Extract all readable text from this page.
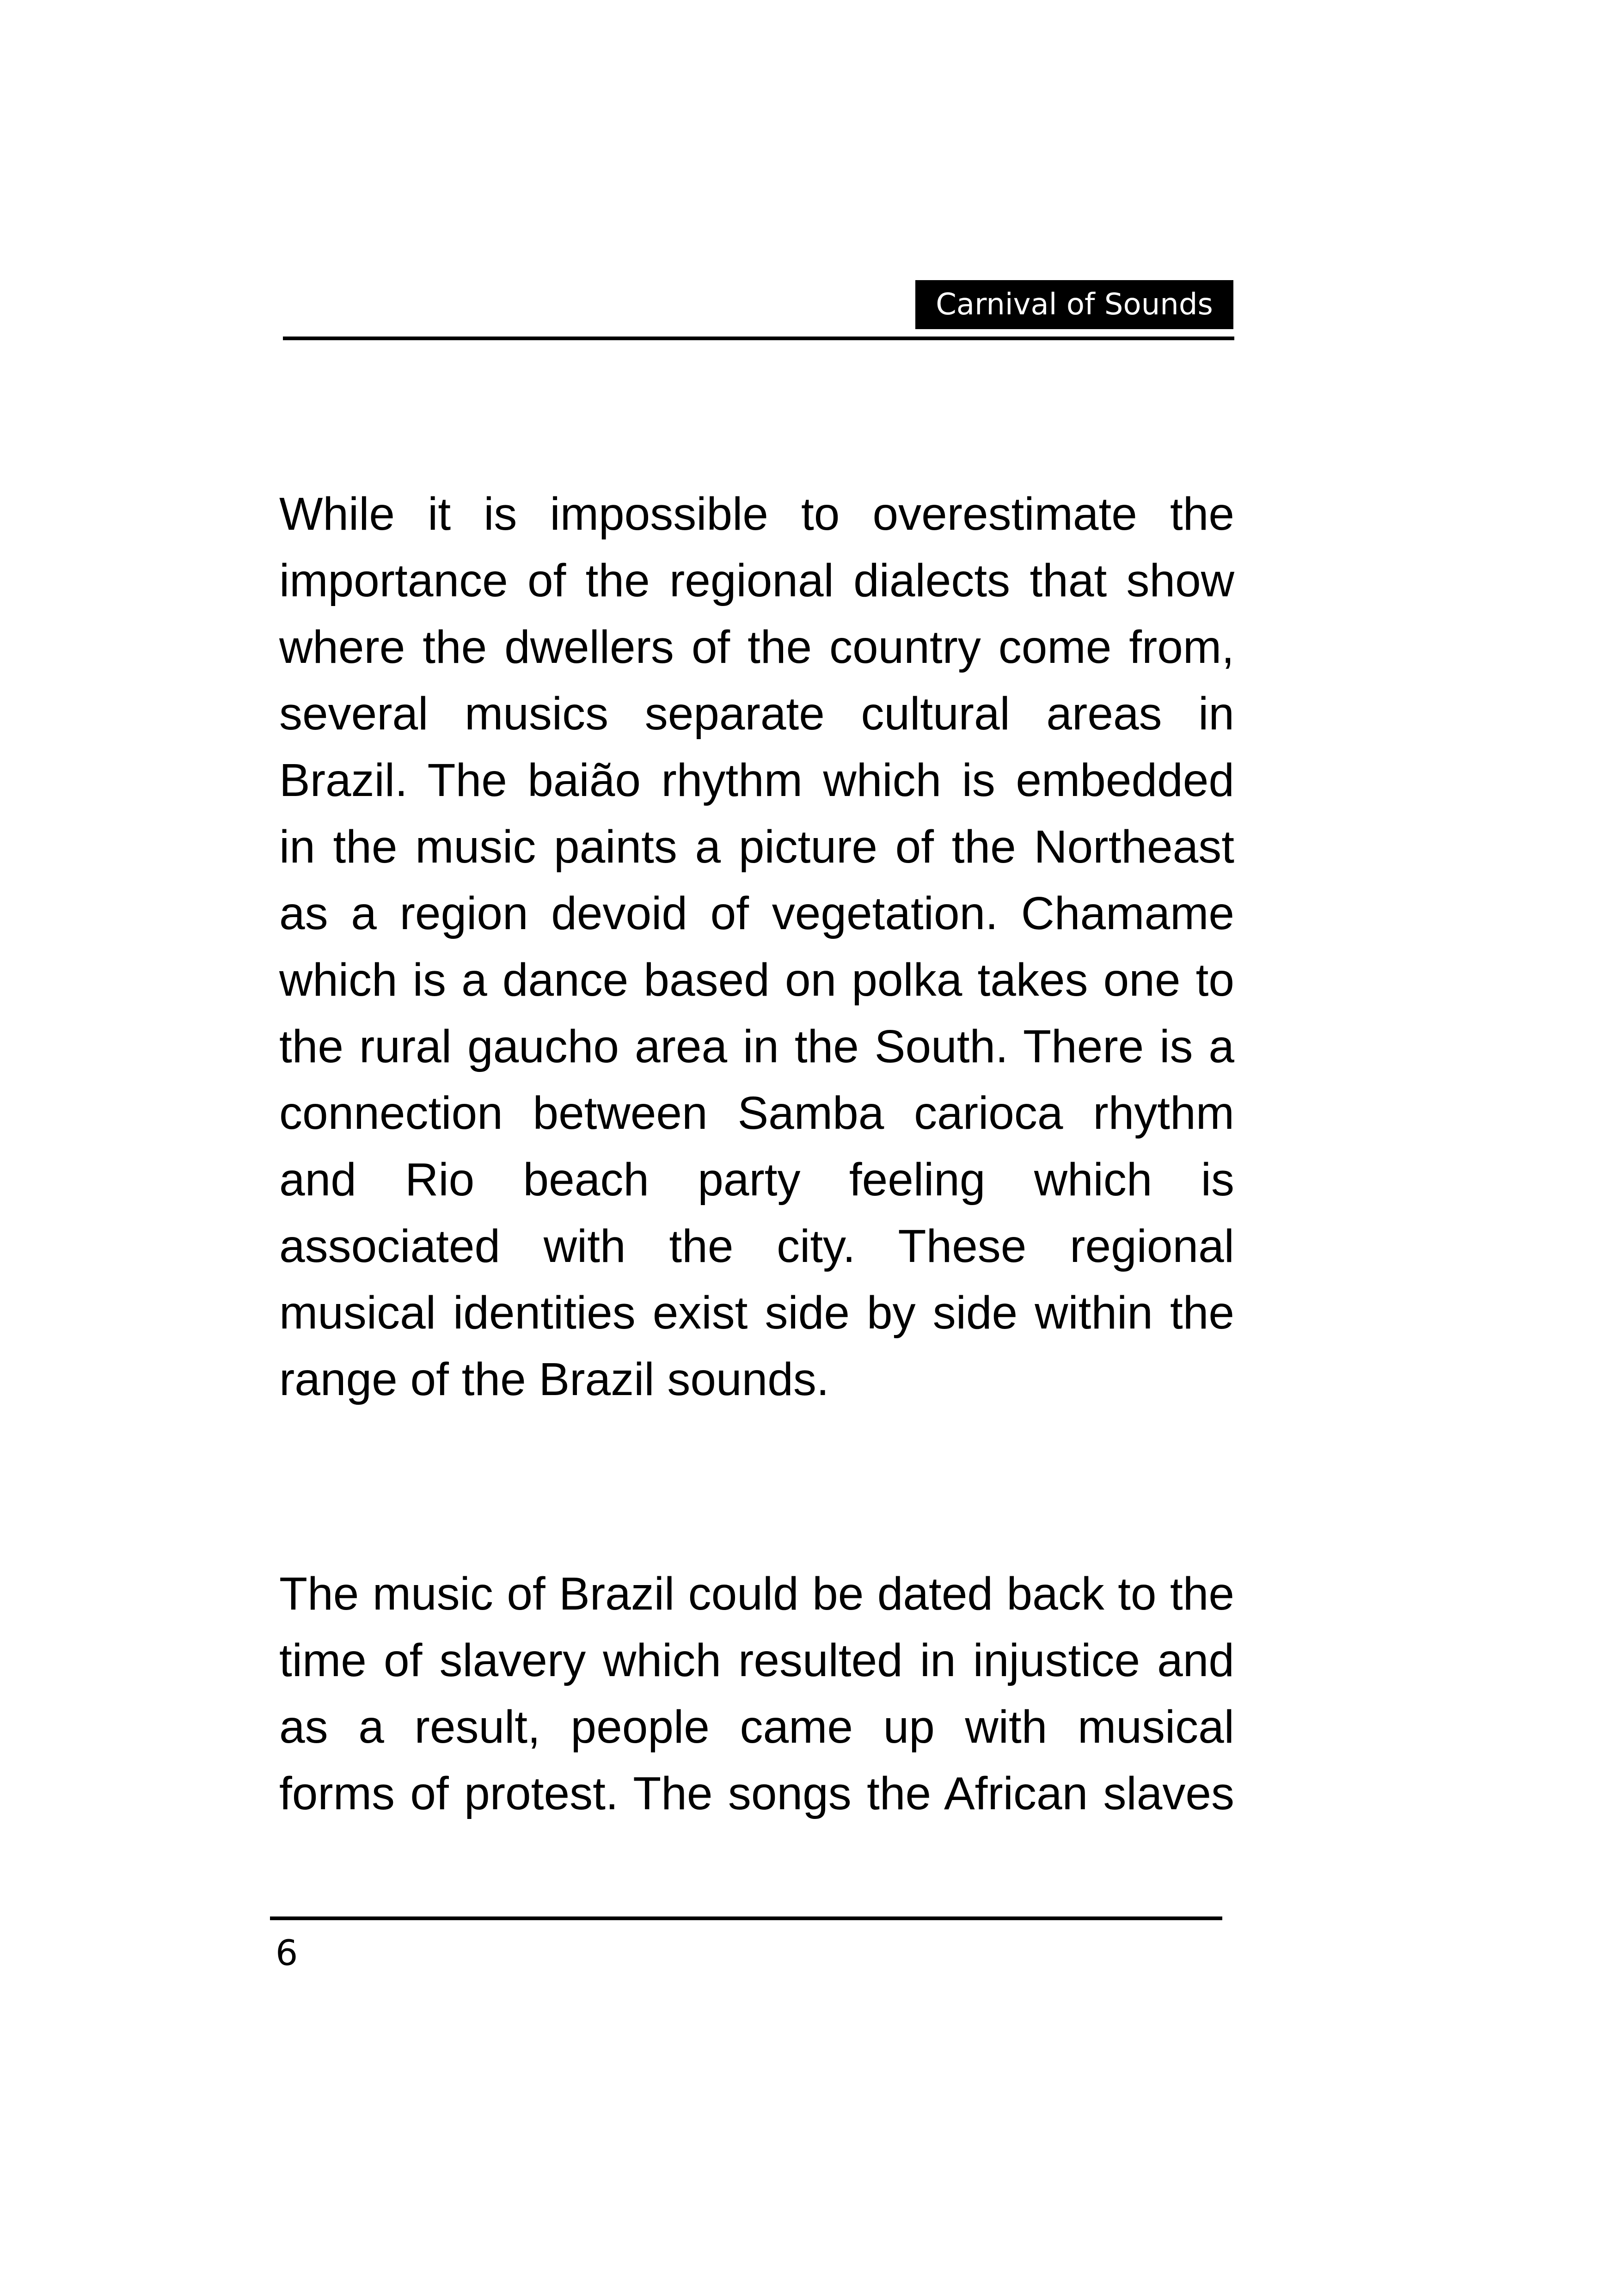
Carnival of Sounds
While it is impossible to overestimate the
importance of the regional dialects that show
where the dwellers of the country come from,
several musics separate cultural areas in
Brazil. The baião rhythm which is embedded
in the music paints a picture of the Northeast
as a region devoid of vegetation. Chamame
which is a dance based on polka takes one to
the rural gaucho area in the South. There is a
connection between Samba carioca rhythm
and Rio beach party feeling which is
associated with the city. These regional
musical identities exist side by side within the
range of the Brazil sounds.
The music of Brazil could be dated back to the
time of slavery which resulted in injustice and
as a result, people came up with musical
forms of protest. The songs the African slaves
6
